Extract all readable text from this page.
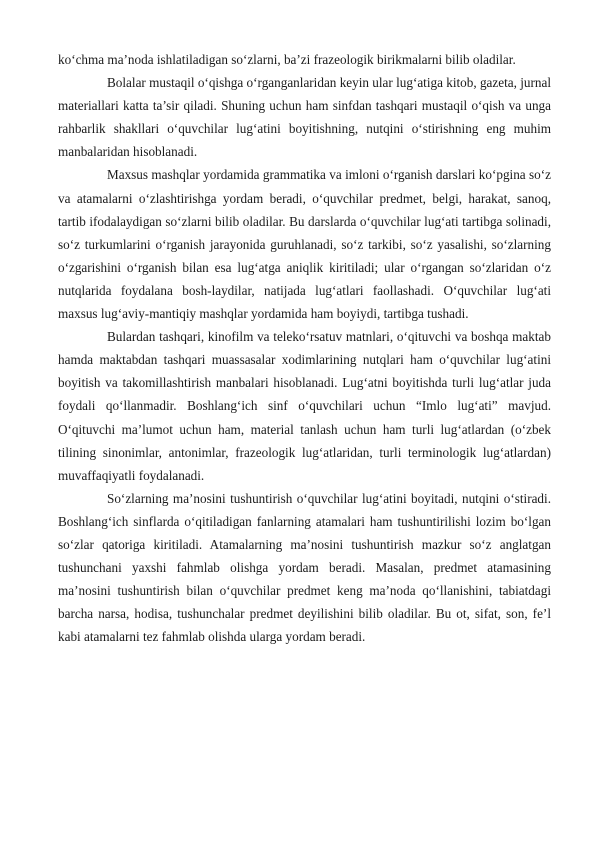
ko‘chma ma’noda ishlatiladigan so‘zlarni, ba’zi frazeologik birikmalarni bilib oladilar.

Bolalar mustaqil o‘qishga o‘rganganlaridan keyin ular lug‘atiga kitob, gazeta, jurnal materiallari katta ta’sir qiladi. Shuning uchun ham sinfdan tashqari mustaqil o‘qish va unga rahbarlik shakllari o‘quvchilar lug‘atini boyitishning, nutqini o‘stirishning eng muhim manbalaridan hisoblanadi.

Maxsus mashqlar yordamida grammatika va imloni o‘rganish darslari ko‘pgina so‘z va atamalarni o‘zlashtirishga yordam beradi, o‘quvchilar predmet, belgi, harakat, sanoq, tartib ifodalaydigan so‘zlarni bilib oladilar. Bu darslarda o‘quvchilar lug‘ati tartibga solinadi, so‘z turkumlarini o‘rganish jarayonida guruhlanadi, so‘z tarkibi, so‘z yasalishi, so‘zlarning o‘zgarishini o‘rganish bilan esa lug‘atga aniqlik kiritiladi; ular o‘rgangan so‘zlaridan o‘z nutqlarida foydalana bosh-laydilar, natijada lug‘atlari faollashadi. O‘quvchilar lug‘ati maxsus lug‘aviy-mantiqiy mashqlar yordamida ham boyiydi, tartibga tushadi.

Bulardan tashqari, kinofilm va teleko‘rsatuv matnlari, o‘qituvchi va boshqa maktab hamda maktabdan tashqari muassasalar xodimlarining nutqlari ham o‘quvchilar lug‘atini boyitish va takomillashtirish manbalari hisoblanadi. Lug‘atni boyitishda turli lug‘atlar juda foydali qo‘llanmadir. Boshlang‘ich sinf o‘quvchilari uchun “Imlo lug‘ati” mavjud. O‘qituvchi ma’lumot uchun ham, material tanlash uchun ham turli lug‘atlardan (o‘zbek tilining sinonimlar, antonimlar, frazeologik lug‘atlaridan, turli terminologik lug‘atlardan) muvaffaqiyatli foydalanadi.

So‘zlarning ma’nosini tushuntirish o‘quvchilar lug‘atini boyitadi, nutqini o‘stiradi. Boshlang‘ich sinflarda o‘qitiladigan fanlarning atamalari ham tushuntirilishi lozim bo‘lgan so‘zlar qatoriga kiritiladi. Atamalarning ma’nosini tushuntirish mazkur so‘z anglatgan tushunchani yaxshi fahmlab olishga yordam beradi. Masalan, predmet atamasining ma’nosini tushuntirish bilan o‘quvchilar predmet keng ma’noda qo‘llanishini, tabiatdagi barcha narsa, hodisa, tushunchalar predmet deyilishini bilib oladilar. Bu ot, sifat, son, fe’l kabi atamalarni tez fahmlab olishda ularga yordam beradi.
